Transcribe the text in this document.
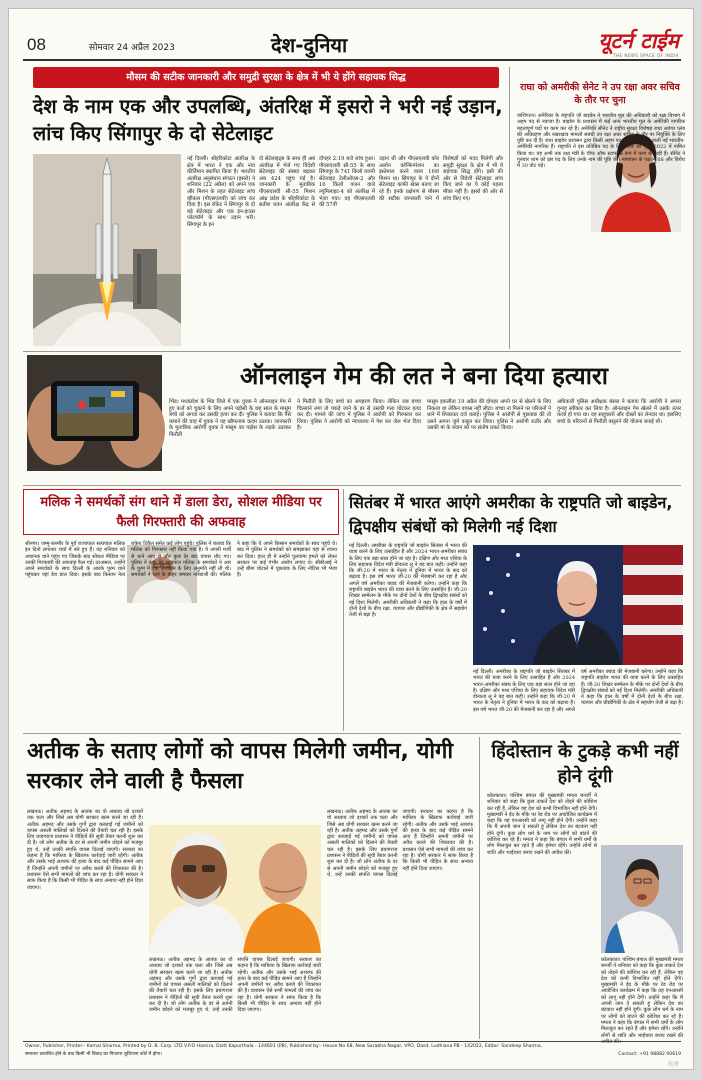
08	सोमवार 24 अप्रैल 2023	देश-दुनिया	यूटर्न टाईम
THE NEWS SPACE OF INDIA
मौसम की सटीक जानकारी और समुद्री सुरक्षा के क्षेत्र में भी ये होंगे सहायक सिद्ध
देश के नाम एक और उपलब्धि, अंतरिक्ष में इसरो ने भरी नई उड़ान, लांच किए सिंगापुर के दो सेटेलाइट
नई दिल्ली। श्रीहरिकोटा अंतरिक्ष के क्षेत्र में भारत ने एक और नया कीर्तिमान स्थापित किया है। भारतीय अंतरिक्ष अनुसंधान संगठन (इसरो) ने शनिवार (22 अप्रैल) को अपने एक और मिशन के तहत सेटेलाइट लांच व्हीकल (पीएसएलवी) को लांच कर दिया है। इस रॉकेट ने सिंगापुर के दो बड़े सेटेलाइट और एक इन-हाउस प्लेटफॉर्म के साथ उड़ान भरी। सिंगापुर के इन
दो सेटेलाइट्स के साथ ही अब अंतरिक्ष में भेजे गए विदेशी सेटेलाइट की संख्या बढ़कर अब 424 पहुंच गई है। जानकारी के मुताबिक पीएसएलवी सी-55 मिशन आंध्र प्रदेश के श्रीहरिकोटा के सतीश धवन अंतरिक्ष केंद्र से दोपहर 2:19 बजे लांच हुआ। पीएसएलवी सी-55 के साथ सिंगापुर के 741 किलो वजनी सेटेलाइट टेलीओएस-2 और 16 किलो वजन वाले ल्यूमिलाइट-4 को अंतरिक्ष में भेजा गया। यह पीएसएलवी की 57वीं
उड़ान थी और पीएसएलवी कोर अलोन कॉन्फिगरेशन का इस्तेमाल करने वाला 16वां मिशन था। सिंगापुर के ये दोनों सेटेलाइट काफी खास बताए जा रहे हैं। इनके प्रक्षेपण से मौसम की सटीक जानकारी पाने में विशेषज्ञों को मदद मिलेगी और समुद्री सुरक्षा के क्षेत्र में भी ये सहायक सिद्ध होंगे। इसी की ओर से विदेशी सेटेलाइट लांच किए जाने का ये कोई पहला मौका नहीं है। इसरो की ओर से लांच किए गए।
राघा को अमरीकी सेनेट ने उप रक्षा अवर सचिव के तौर पर चुना
वाशिंगटन। अमेरिका के राष्ट्रपति जो बाइडेन ने भारतीय मूल की अधिकारी को रक्षा विभाग में अहम पद से नवाजा है। बाइडेन के प्रशासन में कई अन्य भारतीय मूल के अमेरिकी नागरिक महत्वपूर्ण पदों पर काम कर रहे हैं। अमेरिकी सीनेट ने राष्ट्रीय सुरक्षा विशेषज्ञ राधा अयंगर प्लंब की अधिग्रहण और रखरखाव मामलों संबंधी उप रक्षा अवर सचिव के तौर पर नियुक्ति के लिए पुष्टि कर दी है। राधा बाइडेन प्रशासन द्वारा किसी अहम पद पर नियुक्त होने वाली नई भारतीय-अमेरिकी नागरिक हैं। राष्ट्रपति ने इस प्रतिष्ठित पद के लिए प्लंब को जून, 2022 में नामित किया था। यह अभी तक रक्षा मंत्री के चीफ ऑफ स्टाफ के रूप में काम कर रही हैं। सीनेट ने गुरुवार शाम को इस पद के लिए उनके नाम की पुष्टि की। नामांकन के पक्ष में 68 और विरोध में 30 वोट पड़े।
ऑनलाइन गेम की लत ने बना दिया हत्यारा
भिंड। मध्यप्रदेश के भिंड जिले में एक युवक ने ऑनलाइन गेम में हुए कर्ज को चुकाने के लिए अपने पड़ोसी के छह साल के मासूम बच्चे को अगवा कर उसकी हत्या कर दी। पुलिस ने बताया कि पैसे कमाने की चाह में युवक ने यह खौफनाक कदम उठाया। जानकारी के मुताबिक आरोपी युवक ने मासूम का पड़ोस के लड़के उठाकर फिरौती
ने फिरौती के लिए बच्चे का अपहरण किया। लेकिन जब बच्चा चिल्लाने लगा तो पकड़े जाने के डर से उसकी गला घोंटकर हत्या कर दी। मामले की जांच में पुलिस ने आरोपी को गिरफ्तार कर लिया। पुलिस ने आरोपी को न्यायालय में पेश कर जेल भेज दिया है।
मासूम इकलौता 19 अप्रैल की दोपहर अपने घर से खेलने के लिए निकला था लेकिन वापस नहीं लौटा। बच्चा ना मिलने पर परिजनों ने थाने में शिकायत दर्ज कराई। पुलिस ने आरोपी से पूछताछ की तो उसने अपना जुर्म कबूल कर लिया। पुलिस ने आरोपी राठौर और उसकी मां के बयान को पर संतोष प्रकट किया।
अधिकारी पुलिस अधीक्षक बंसल ने बताया कि आरोपी ने अपना गुनाह स्वीकार कर लिया है। ऑनलाइन गेम खेलने में उसके ऊपर कर्जा हो गया था। वह साहूकारों और दोस्तों का लेनदार था। इसलिए बच्चे के परिजनों से फिरौती वसूलने की योजना बनाई थी।
मलिक ने समर्थकों संग थाने में डाला डेरा, सोशल मीडिया पर फैली गिरफ्तारी की अफवाह
श्रीनगर। जम्मू-कश्मीर के पूर्व राज्यपाल सत्यपाल मलिक इन दिनों लगातार चर्चा में बने हुए हैं। वह शनिवार को अचानक थाने पहुंच गए जिसके बाद सोशल मीडिया पर उनकी गिरफ्तारी की अफवाह फैल गई। दरअसल, उन्होंने अपने समर्थकों के साथ दिल्ली के आरके पुरम थाने पहुंचकर वहां डेरा डाल दिया। इसके बाद किसान नेता राकेश टिकैत समेत कई लोग पहुंचे। पुलिस ने बताया कि मलिक को गिरफ्तार नहीं किया गया है। वे अपनी मर्जी से थाने आए थे और कुछ देर बाद वापस लौट गए। पुलिस ने कहा कि सत्यपाल मलिक के समर्थकों ने आर के पुरम में एक कार्यक्रम के लिए अनुमति नहीं ली थी। समर्थकों ने थाने के बाहर जमकर नारेबाजी की। मलिक ने कहा कि वे अपने किसान समर्थकों के साथ पहुंचे थे। बाद में पुलिस ने समर्थकों को समझाकर वहां से रवाना कर दिया। हाल ही में उन्होंने पुलवामा हमले को लेकर सरकार पर कई गंभीर आरोप लगाए थे। सीबीआई ने उन्हें बीमा घोटाले में पूछताछ के लिए नोटिस भी भेजा है।
सितंबर में भारत आएंगे अमरीका के राष्ट्रपति जो बाइडेन, द्विपक्षीय संबंधों को मिलेगी नई दिशा
नई दिल्ली। अमरीका के राष्ट्रपति जो बाइडेन सितंबर में भारत की यात्रा करने के लिए उत्साहित हैं और 2024 भारत-अमरीका संबंध के लिए एक बड़ा साल होने जा रहा है। दक्षिण और मध्य एशिया के लिए सहायक विदेश मंत्री डोनाल्ड लू ने यह बात कही। उन्होंने कहा कि जी-20 में भारत के नेतृत्व ने दुनिया में भारत के कद को बढ़ाया है। इस वर्ष भारत जी-20 की मेजबानी कर रहा है और अगले वर्ष अमरीका क्वाड की मेजबानी करेगा। उन्होंने कहा कि राष्ट्रपति बाइडेन भारत की यात्रा करने के लिए उत्साहित हैं। जी-20 शिखर सम्मेलन के मौके पर दोनों देशों के बीच द्विपक्षीय संबंधों को नई दिशा मिलेगी। अमरीकी अधिकारी ने कहा कि हाल के वर्षों में दोनों देशों के बीच रक्षा, व्यापार और प्रौद्योगिकी के क्षेत्र में सहयोग तेजी से बढ़ा है।
नई दिल्ली। अमरीका के राष्ट्रपति जो बाइडेन सितंबर में भारत की यात्रा करने के लिए उत्साहित हैं और 2024 भारत-अमरीका संबंध के लिए एक बड़ा साल होने जा रहा है। दक्षिण और मध्य एशिया के लिए सहायक विदेश मंत्री डोनाल्ड लू ने यह बात कही। उन्होंने कहा कि जी-20 में भारत के नेतृत्व ने दुनिया में भारत के कद को बढ़ाया है। इस वर्ष भारत जी-20 की मेजबानी कर रहा है और अगले वर्ष अमरीका क्वाड की मेजबानी करेगा। उन्होंने कहा कि राष्ट्रपति बाइडेन भारत की यात्रा करने के लिए उत्साहित हैं। जी-20 शिखर सम्मेलन के मौके पर दोनों देशों के बीच द्विपक्षीय संबंधों को नई दिशा मिलेगी। अमरीकी अधिकारी ने कहा कि हाल के वर्षों में दोनों देशों के बीच रक्षा, व्यापार और प्रौद्योगिकी के क्षेत्र में सहयोग तेजी से बढ़ा है।
अतीक के सताए लोगों को वापस मिलेगी जमीन, योगी सरकार लेने वाली है फैसला
लखनऊ। अतीक अहमद के आतंक का वो अध्याय जो दशकों तक चला और जिसे अब योगी सरकार खत्म करने जा रही है। अतीक अहमद और उसके गुर्गों द्वारा कब्जाई गई जमीनों को वापस असली मालिकों को दिलाने की तैयारी चल रही है। इसके लिए प्रयागराज प्रशासन ने पीड़ितों की सूची तैयार करनी शुरू कर दी है। जो लोग अतीक के डर से अपनी जमीन छोड़ने को मजबूर हुए थे, उन्हें उनकी संपत्ति वापस दिलाई जाएगी। सरकार का कहना है कि माफिया के खिलाफ कार्रवाई जारी रहेगी। अतीक और उसके भाई अशरफ की हत्या के बाद कई पीड़ित सामने आए हैं जिन्होंने अपनी जमीनों पर अवैध कब्जे की शिकायत की है। प्रशासन ऐसे सभी मामलों की जांच कर रहा है। योगी सरकार ने साफ किया है कि किसी भी पीड़ित के साथ अन्याय नहीं होने दिया जाएगा।
लखनऊ। अतीक अहमद के आतंक का वो अध्याय जो दशकों तक चला और जिसे अब योगी सरकार खत्म करने जा रही है। अतीक अहमद और उसके गुर्गों द्वारा कब्जाई गई जमीनों को वापस असली मालिकों को दिलाने की तैयारी चल रही है। इसके लिए प्रयागराज प्रशासन ने पीड़ितों की सूची तैयार करनी शुरू कर दी है। जो लोग अतीक के डर से अपनी जमीन छोड़ने को मजबूर हुए थे, उन्हें उनकी संपत्ति वापस दिलाई जाएगी। सरकार का कहना है कि माफिया के खिलाफ कार्रवाई जारी रहेगी। अतीक और उसके भाई अशरफ की हत्या के बाद कई पीड़ित सामने आए हैं जिन्होंने अपनी जमीनों पर अवैध कब्जे की शिकायत की है। प्रशासन ऐसे सभी मामलों की जांच कर रहा है। योगी सरकार ने साफ किया है कि किसी भी पीड़ित के साथ अन्याय नहीं होने दिया जाएगा।
लखनऊ। अतीक अहमद के आतंक का वो अध्याय जो दशकों तक चला और जिसे अब योगी सरकार खत्म करने जा रही है। अतीक अहमद और उसके गुर्गों द्वारा कब्जाई गई जमीनों को वापस असली मालिकों को दिलाने की तैयारी चल रही है। इसके लिए प्रयागराज प्रशासन ने पीड़ितों की सूची तैयार करनी शुरू कर दी है। जो लोग अतीक के डर से अपनी जमीन छोड़ने को मजबूर हुए थे, उन्हें उनकी संपत्ति वापस दिलाई जाएगी। सरकार का कहना है कि माफिया के खिलाफ कार्रवाई जारी रहेगी। अतीक और उसके भाई अशरफ की हत्या के बाद कई पीड़ित सामने आए हैं जिन्होंने अपनी जमीनों पर अवैध कब्जे की शिकायत की है। प्रशासन ऐसे सभी मामलों की जांच कर रहा है। योगी सरकार ने साफ किया है कि किसी भी पीड़ित के साथ अन्याय नहीं होने दिया जाएगा।
हिंदोस्तान के टुकड़े कभी नहीं होने दूंगी
कोलकाता। पश्चिम बंगाल की मुख्यमंत्री ममता बनर्जी ने शनिवार को कहा कि कुछ ताकतें देश को तोड़ने की कोशिश कर रही हैं, लेकिन वह देश को कभी विभाजित नहीं होने देंगी। मुख्यमंत्री ने ईद के मौके पर रेड रोड पर आयोजित कार्यक्रम में कहा कि वह एनआरसी को लागू नहीं होने देंगी। उन्होंने कहा कि मैं अपनी जान दे सकती हूं लेकिन देश का बंटवारा नहीं होने दूंगी। कुछ लोग धर्म के नाम पर लोगों को बांटने की कोशिश कर रहे हैं। ममता ने कहा कि बंगाल में सभी धर्मों के लोग मिलजुल कर रहते हैं और हमेशा रहेंगे। उन्होंने लोगों से शांति और भाईचारा बनाए रखने की अपील की।
कोलकाता। पश्चिम बंगाल की मुख्यमंत्री ममता बनर्जी ने शनिवार को कहा कि कुछ ताकतें देश को तोड़ने की कोशिश कर रही हैं, लेकिन वह देश को कभी विभाजित नहीं होने देंगी। मुख्यमंत्री ने ईद के मौके पर रेड रोड पर आयोजित कार्यक्रम में कहा कि वह एनआरसी को लागू नहीं होने देंगी। उन्होंने कहा कि मैं अपनी जान दे सकती हूं लेकिन देश का बंटवारा नहीं होने दूंगी। कुछ लोग धर्म के नाम पर लोगों को बांटने की कोशिश कर रहे हैं। ममता ने कहा कि बंगाल में सभी धर्मों के लोग मिलजुल कर रहते हैं और हमेशा रहेंगे। उन्होंने लोगों से शांति और भाईचारा बनाए रखने की
Owner, Publisher, Printer:- Komal Sharma, Printed by D. B. Corp. LTD V.P.O Hamira, Distt Kapurthala - 144601 (PB), Published by:- House No 68, New Sarabha Nagar, VPO, Dasd. Ludhiana PB - 142022, Editor: Sandeep Sharma,
समाचार प्रकाशित होने के बाद किसी भी विवाद का निपटारा लुधियाना कोर्ट में होगा।	Contact: +91 98882 00619
8/8
